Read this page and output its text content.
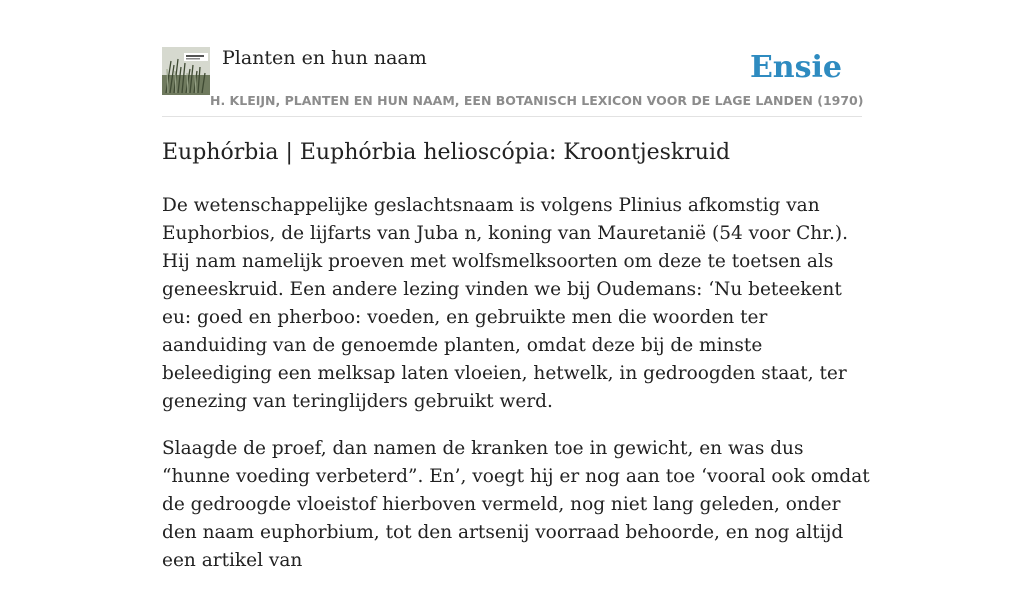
Planten en hun naam	Ensie
H. KLEIJN, PLANTEN EN HUN NAAM, EEN BOTANISCH LEXICON VOOR DE LAGE LANDEN (1970)
Euphórbia | Euphórbia helioscópia: Kroontjeskruid

De wetenschappelijke geslachtsnaam is volgens Plinius afkomstig van Euphorbios, de lijfarts van Juba n, koning van Mauretanië (54 voor Chr.). Hij nam namelijk proeven met wolfsmelksoorten om deze te toetsen als geneeskruid. Een andere lezing vinden we bij Oudemans: ‘Nu beteekent eu: goed en pherboo: voeden, en gebruikte men die woorden ter aanduiding van de genoemde planten, omdat deze bij de minste beleediging een melksap laten vloeien, hetwelk, in gedroogden staat, ter genezing van teringlijders gebruikt werd.

Slaagde de proef, dan namen de kranken toe in gewicht, en was dus “hunne voeding verbeterd”. En’, voegt hij er nog aan toe ‘vooral ook omdat de gedroogde vloeistof hierboven vermeld, nog niet lang geleden, onder den naam euphorbium, tot den artsenij voorraad behoorde, en nog altijd een artikel van
